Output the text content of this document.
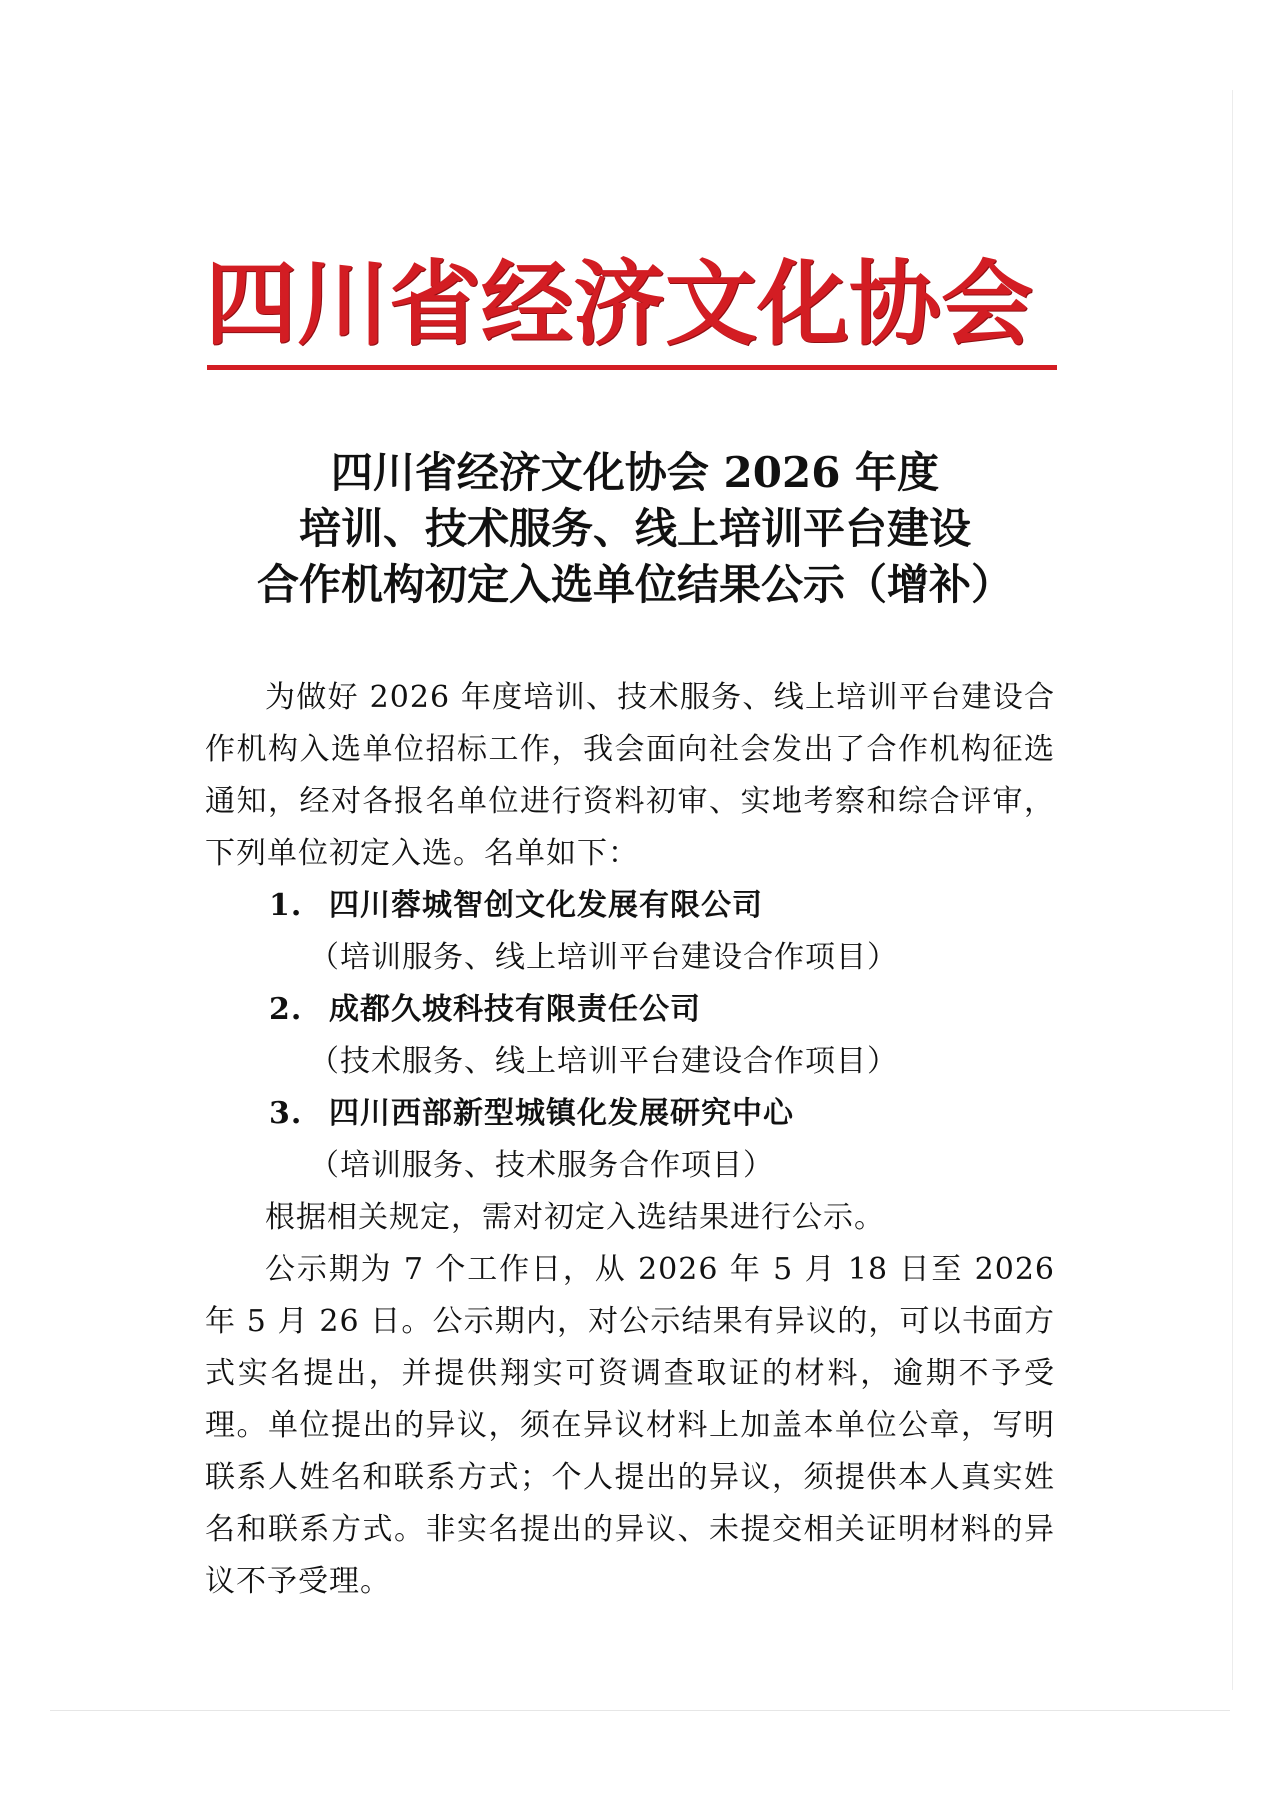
四川省经济文化协会
四川省经济文化协会 2026 年度
培训、技术服务、线上培训平台建设
合作机构初定入选单位结果公示（增补）

为做好 2026 年度培训、技术服务、线上培训平台建设合作机构入选单位招标工作，我会面向社会发出了合作机构征选通知，经对各报名单位进行资料初审、实地考察和综合评审，下列单位初定入选。名单如下：

1. 四川蓉城智创文化发展有限公司

（培训服务、线上培训平台建设合作项目）

2. 成都久坡科技有限责任公司

（技术服务、线上培训平台建设合作项目）

3. 四川西部新型城镇化发展研究中心

（培训服务、技术服务合作项目）

根据相关规定，需对初定入选结果进行公示。

公示期为 7 个工作日，从 2026 年 5 月 18 日至 2026 年 5 月 26 日。公示期内，对公示结果有异议的，可以书面方式实名提出，并提供翔实可资调查取证的材料，逾期不予受理。单位提出的异议，须在异议材料上加盖本单位公章，写明联系人姓名和联系方式；个人提出的异议，须提供本人真实姓名和联系方式。非实名提出的异议、未提交相关证明材料的异议不予受理。
